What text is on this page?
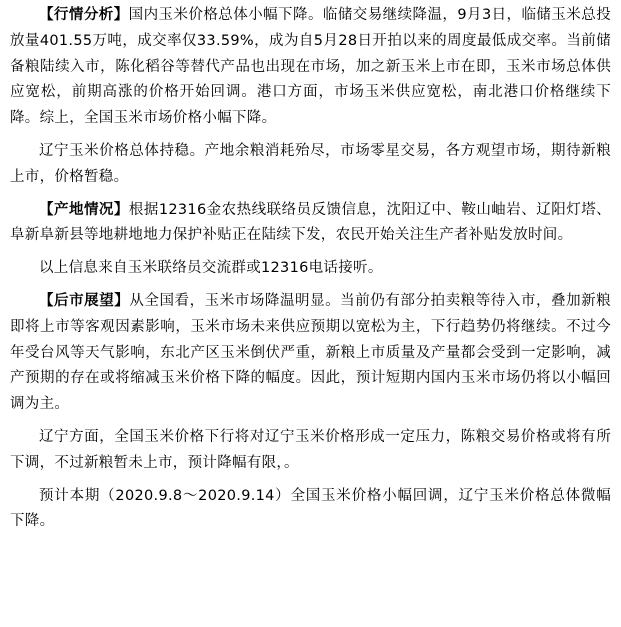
【行情分析】国内玉米价格总体小幅下降。临储交易继续降温，9月3日，临储玉米总投放量401.55万吨，成交率仅33.59%，成为自5月28日开拍以来的周度最低成交率。当前储备粮陆续入市，陈化稻谷等替代产品也出现在市场，加之新玉米上市在即，玉米市场总体供应宽松，前期高涨的价格开始回调。港口方面，市场玉米供应宽松，南北港口价格继续下降。综上，全国玉米市场价格小幅下降。

辽宁玉米价格总体持稳。产地余粮消耗殆尽，市场零星交易，各方观望市场，期待新粮上市，价格暂稳。

【产地情况】根据12316金农热线联络员反馈信息，沈阳辽中、鞍山岫岩、辽阳灯塔、阜新阜新县等地耕地地力保护补贴正在陆续下发，农民开始关注生产者补贴发放时间。

以上信息来自玉米联络员交流群或12316电话接听。

【后市展望】从全国看，玉米市场降温明显。当前仍有部分拍卖粮等待入市，叠加新粮即将上市等客观因素影响，玉米市场未来供应预期以宽松为主，下行趋势仍将继续。不过今年受台风等天气影响，东北产区玉米倒伏严重，新粮上市质量及产量都会受到一定影响，减产预期的存在或将缩减玉米价格下降的幅度。因此，预计短期内国内玉米市场仍将以小幅回调为主。

辽宁方面，全国玉米价格下行将对辽宁玉米价格形成一定压力，陈粮交易价格或将有所下调，不过新粮暂未上市，预计降幅有限，。

预计本期（2020.9.8～2020.9.14）全国玉米价格小幅回调，辽宁玉米价格总体微幅下降。
